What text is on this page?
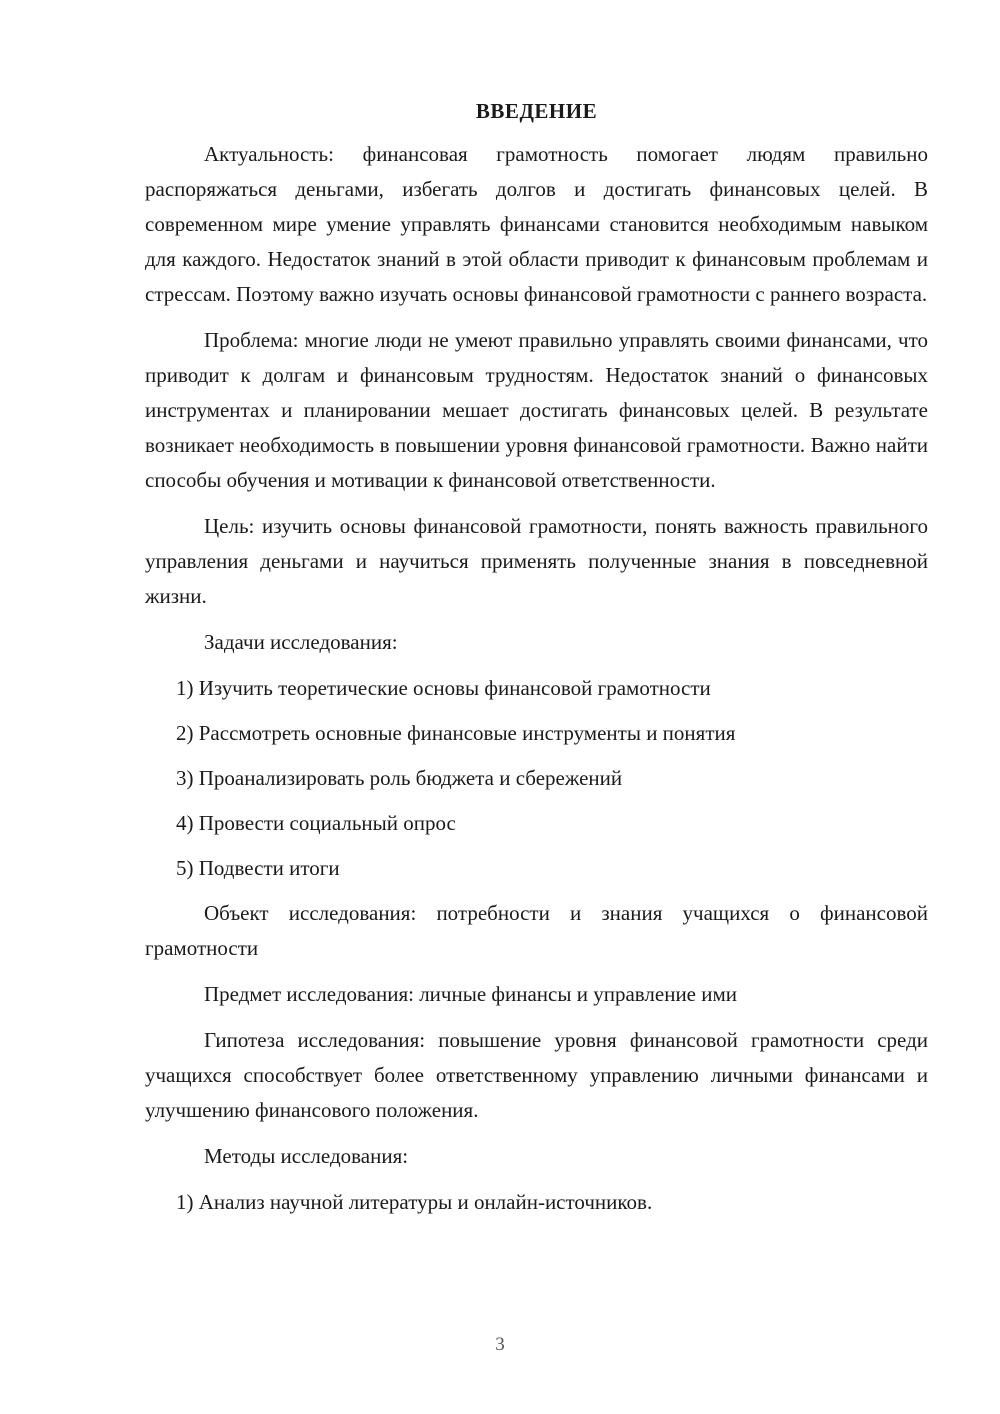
ВВЕДЕНИЕ

Актуальность: финансовая грамотность помогает людям правильно распоряжаться деньгами, избегать долгов и достигать финансовых целей. В современном мире умение управлять финансами становится необходимым навыком для каждого. Недостаток знаний в этой области приводит к финансовым проблемам и стрессам. Поэтому важно изучать основы финансовой грамотности с раннего возраста.

Проблема: многие люди не умеют правильно управлять своими финансами, что приводит к долгам и финансовым трудностям. Недостаток знаний о финансовых инструментах и планировании мешает достигать финансовых целей. В результате возникает необходимость в повышении уровня финансовой грамотности. Важно найти способы обучения и мотивации к финансовой ответственности.

Цель: изучить основы финансовой грамотности, понять важность правильного управления деньгами и научиться применять полученные знания в повседневной жизни.

Задачи исследования:

1) Изучить теоретические основы финансовой грамотности
2) Рассмотреть основные финансовые инструменты и понятия
3) Проанализировать роль бюджета и сбережений
4) Провести социальный опрос
5) Подвести итоги

Объект исследования: потребности и знания учащихся о финансовой грамотности

Предмет исследования: личные финансы и управление ими

Гипотеза исследования: повышение уровня финансовой грамотности среди учащихся способствует более ответственному управлению личными финансами и улучшению финансового положения.

Методы исследования:

1) Анализ научной литературы и онлайн-источников.
3
